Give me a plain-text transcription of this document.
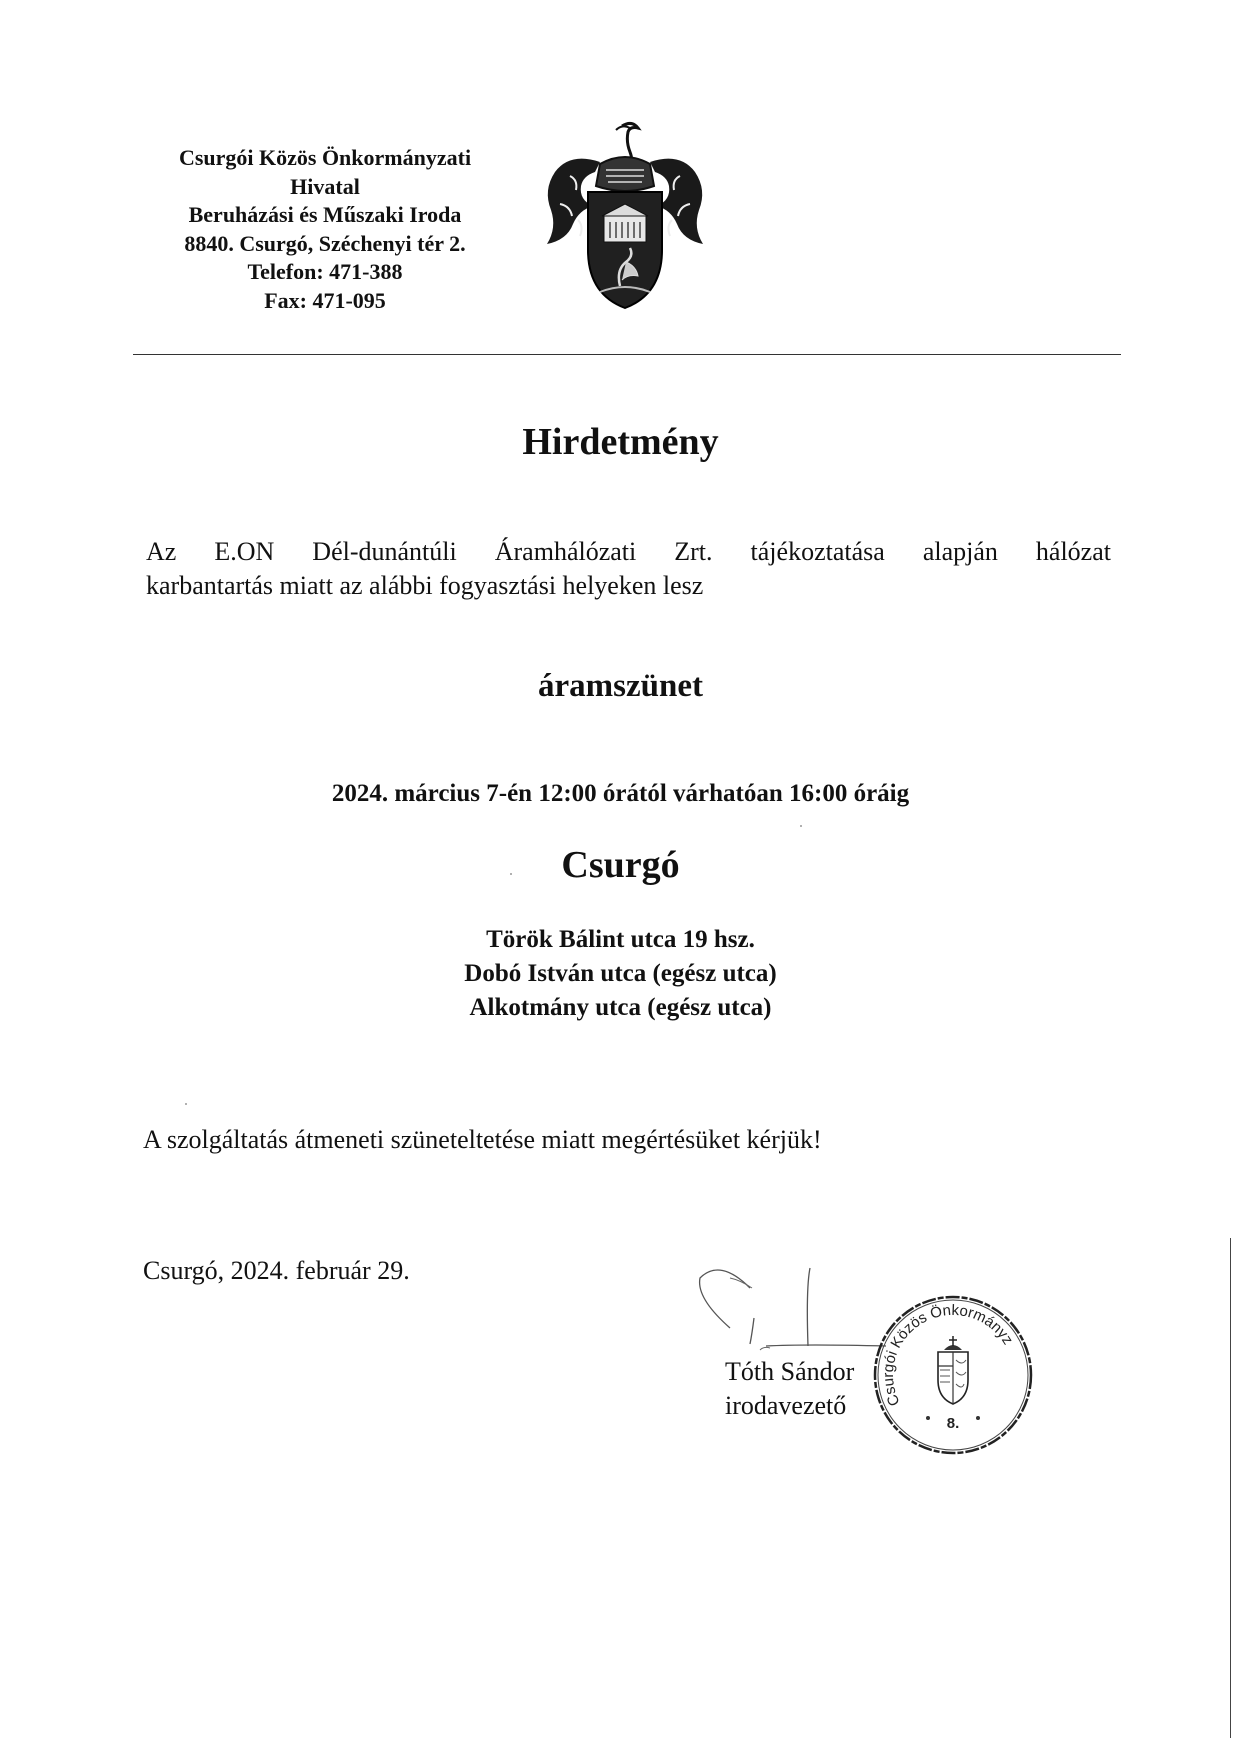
Csurgói Közös Önkormányzati
Hivatal
Beruházási és Műszaki Iroda
8840. Csurgó, Széchenyi tér 2.
Telefon: 471-388
Fax: 471-095
Hirdetmény
Az E.ON Dél-dunántúli Áramhálózati Zrt. tájékoztatása alapján hálózat
karbantartás miatt az alábbi fogyasztási helyeken lesz
áramszünet
2024. március 7-én 12:00 órától várhatóan 16:00 óráig
Csurgó
Török Bálint utca 19 hsz.
Dobó István utca (egész utca)
Alkotmány utca (egész utca)
A szolgáltatás átmeneti szüneteltetése miatt megértésüket kérjük!
Csurgó, 2024. február 29.
Tóth Sándor
irodavezető	Csurgói Közös Önkormányzati
8.
